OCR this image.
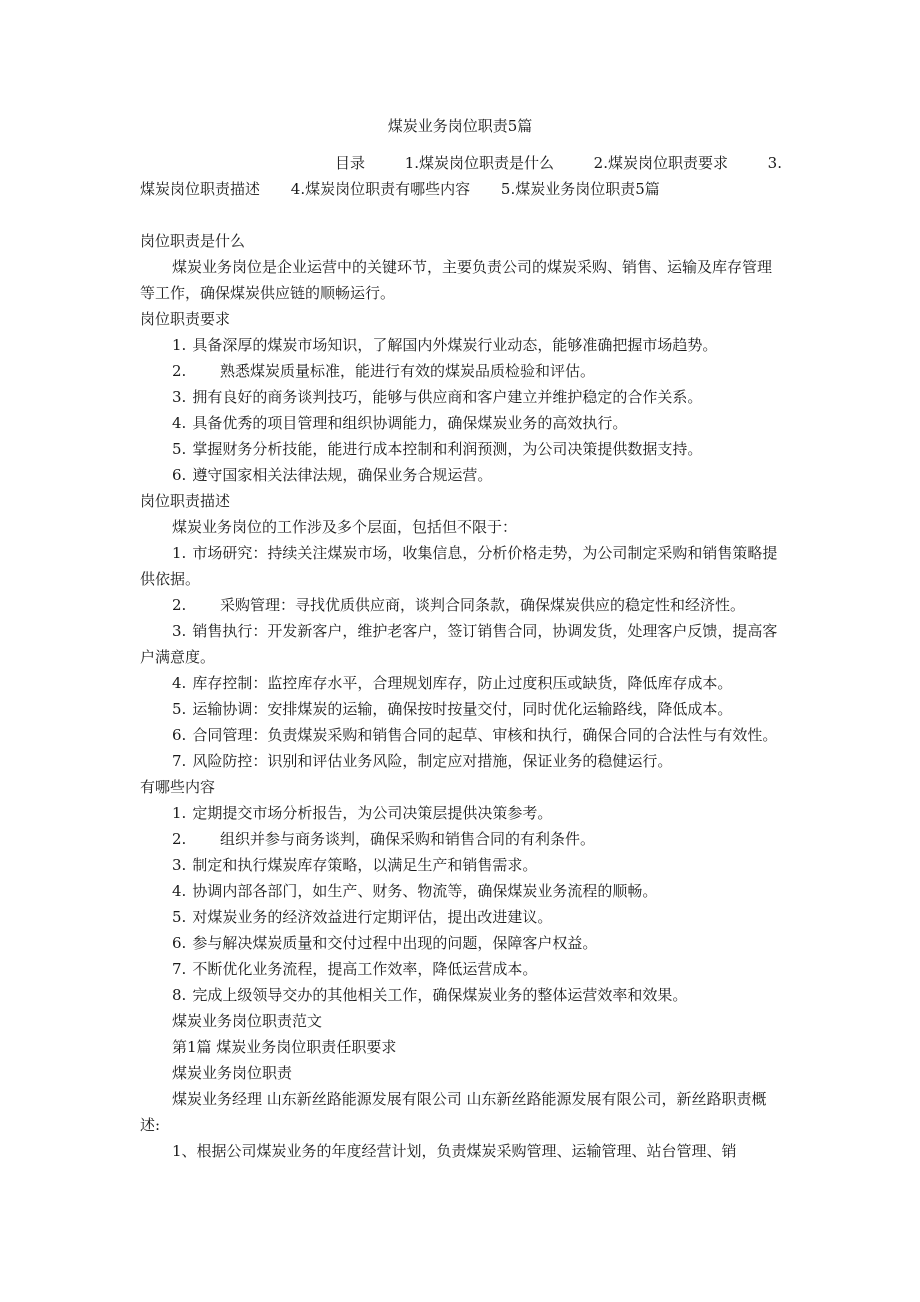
煤炭业务岗位职责5篇
目录	1.煤炭岗位职责是什么	2.煤炭岗位职责要求	3.
煤炭岗位职责描述 4.煤炭岗位职责有哪些内容 5.煤炭业务岗位职责5篇

岗位职责是什么

煤炭业务岗位是企业运营中的关键环节，主要负责公司的煤炭采购、销售、运输及库存管理等工作，确保煤炭供应链的顺畅运行。

岗位职责要求

1. 具备深厚的煤炭市场知识，了解国内外煤炭行业动态，能够准确把握市场趋势。

2. 熟悉煤炭质量标准，能进行有效的煤炭品质检验和评估。

3. 拥有良好的商务谈判技巧，能够与供应商和客户建立并维护稳定的合作关系。

4. 具备优秀的项目管理和组织协调能力，确保煤炭业务的高效执行。

5. 掌握财务分析技能，能进行成本控制和利润预测，为公司决策提供数据支持。

6. 遵守国家相关法律法规，确保业务合规运营。

岗位职责描述

煤炭业务岗位的工作涉及多个层面，包括但不限于：

1. 市场研究：持续关注煤炭市场，收集信息，分析价格走势，为公司制定采购和销售策略提供依据。

2. 采购管理：寻找优质供应商，谈判合同条款，确保煤炭供应的稳定性和经济性。

3. 销售执行：开发新客户，维护老客户，签订销售合同，协调发货，处理客户反馈，提高客户满意度。

4. 库存控制：监控库存水平，合理规划库存，防止过度积压或缺货，降低库存成本。

5. 运输协调：安排煤炭的运输，确保按时按量交付，同时优化运输路线，降低成本。

6. 合同管理：负责煤炭采购和销售合同的起草、审核和执行，确保合同的合法性与有效性。

7. 风险防控：识别和评估业务风险，制定应对措施，保证业务的稳健运行。

有哪些内容

1. 定期提交市场分析报告，为公司决策层提供决策参考。

2. 组织并参与商务谈判，确保采购和销售合同的有利条件。

3. 制定和执行煤炭库存策略，以满足生产和销售需求。

4. 协调内部各部门，如生产、财务、物流等，确保煤炭业务流程的顺畅。

5. 对煤炭业务的经济效益进行定期评估，提出改进建议。

6. 参与解决煤炭质量和交付过程中出现的问题，保障客户权益。

7. 不断优化业务流程，提高工作效率，降低运营成本。

8. 完成上级领导交办的其他相关工作，确保煤炭业务的整体运营效率和效果。

煤炭业务岗位职责范文

第1篇 煤炭业务岗位职责任职要求

煤炭业务岗位职责

煤炭业务经理 山东新丝路能源发展有限公司 山东新丝路能源发展有限公司，新丝路职责概述:

1、根据公司煤炭业务的年度经营计划，负责煤炭采购管理、运输管理、站台管理、销
